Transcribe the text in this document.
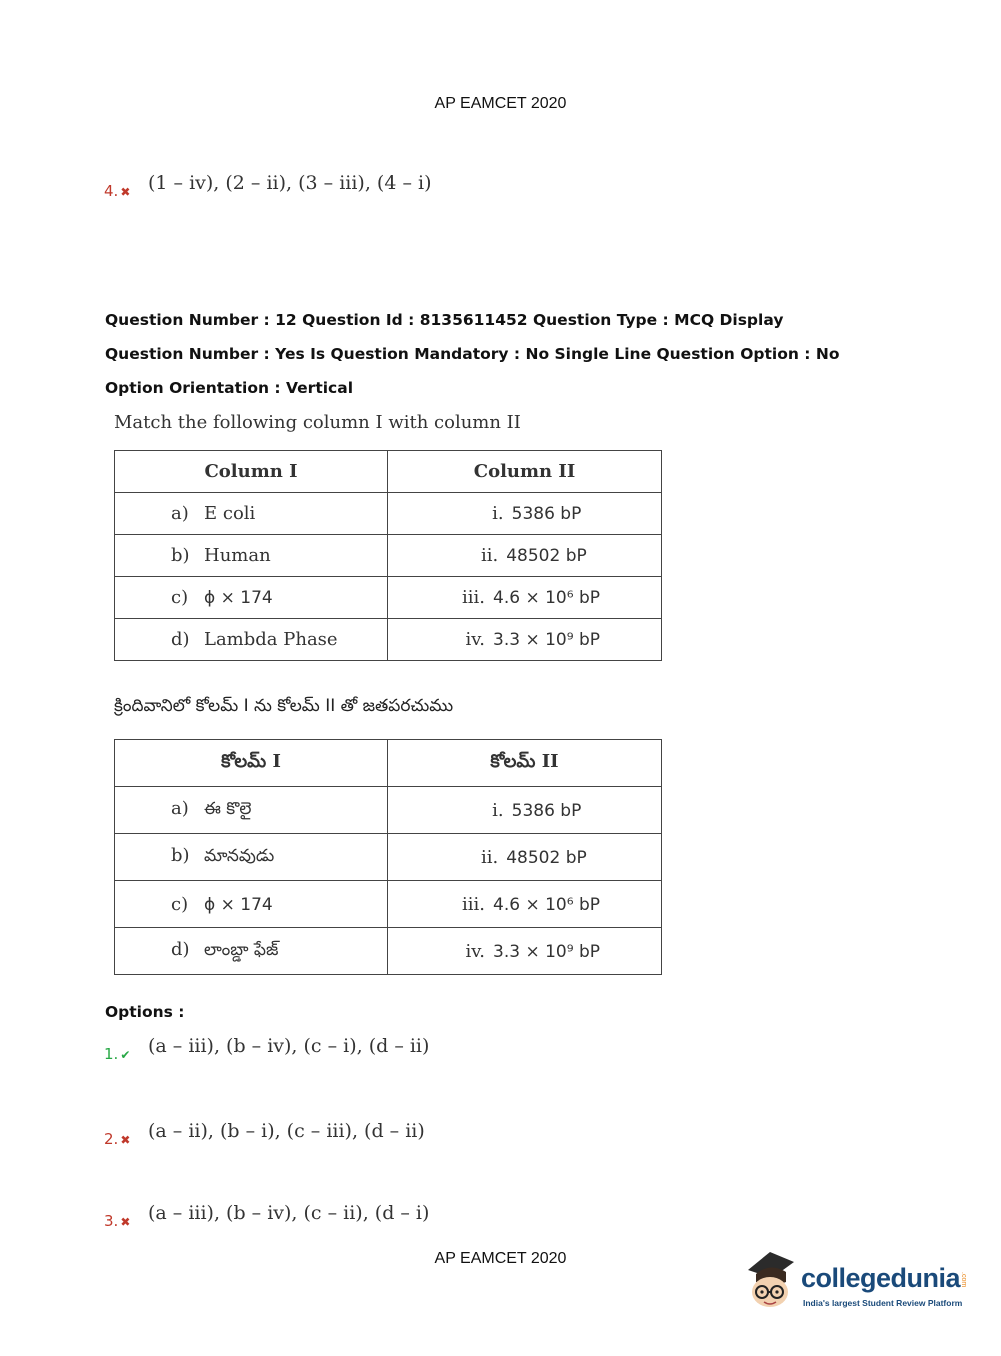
AP EAMCET 2020
4. ✖ (1 – iv), (2 – ii), (3 – iii), (4 – i)
Question Number : 12 Question Id : 8135611452 Question Type : MCQ Display Question Number : Yes Is Question Mandatory : No Single Line Question Option : No Option Orientation : Vertical
Match the following column I with column II
Column I	Column II
a) E coli	i. 5386 bP
b) Human	ii. 48502 bP
c) ϕ × 174	iii. 4.6 × 10⁶ bP
d) Lambda Phase	iv. 3.3 × 10⁹ bP
క్రిందివానిలో కోలమ్ I ను కోలమ్ II తో జతపరచుము
కోలమ్ I	కోలమ్ II
a) ఈ కొలై	i. 5386 bP
b) మానవుడు	ii. 48502 bP
c) ϕ × 174	iii. 4.6 × 10⁶ bP
d) లాంబ్డా ఫేజ్	iv. 3.3 × 10⁹ bP
Options :
1. ✔ (a – iii), (b – iv), (c – i), (d – ii)
2. ✖ (a – ii), (b – i), (c – iii), (d – ii)
3. ✖ (a – iii), (b – iv), (c – ii), (d – i)
AP EAMCET 2020
collegedunia .com
India's largest Student Review Platform
